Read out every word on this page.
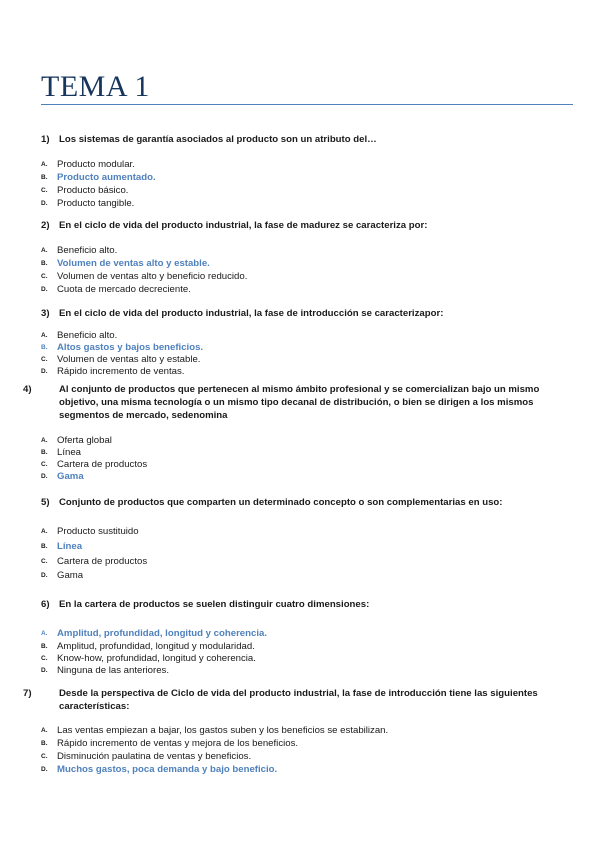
TEMA 1
1) Los sistemas de garantía asociados al producto son un atributo del…
A. Producto modular.
B. Producto aumentado.
C. Producto básico.
D. Producto tangible.
2) En el ciclo de vida del producto industrial, la fase de madurez se caracteriza por:
A. Beneficio alto.
B. Volumen de ventas alto y estable.
C. Volumen de ventas alto y beneficio reducido.
D. Cuota de mercado decreciente.
3) En el ciclo de vida del producto industrial, la fase de introducción se caracterizapor:
A. Beneficio alto.
B. Altos gastos y bajos beneficios.
C. Volumen de ventas alto y estable.
D. Rápido incremento de ventas.
4)	Al conjunto de productos que pertenecen al mismo ámbito profesional y se comercializan bajo un mismo objetivo, una misma tecnología o un mismo tipo decanal de distribución, o bien se dirigen a los mismos segmentos de mercado, sedenomina
A. Oferta global
B. Línea
C. Cartera de productos
D. Gama
5) Conjunto de productos que comparten un determinado concepto o son complementarias en uso:
A. Producto sustituido
B. Línea
C. Cartera de productos
D. Gama
6) En la cartera de productos se suelen distinguir cuatro dimensiones:
A. Amplitud, profundidad, longitud y coherencia.
B. Amplitud, profundidad, longitud y modularidad.
C. Know-how, profundidad, longitud y coherencia.
D. Ninguna de las anteriores.
7)	Desde la perspectiva de Ciclo de vida del producto industrial, la fase de introducción tiene las siguientes características:
A. Las ventas empiezan a bajar, los gastos suben y los beneficios se estabilizan.
B. Rápido incremento de ventas y mejora de los beneficios.
C. Disminución paulatina de ventas y beneficios.
D. Muchos gastos, poca demanda y bajo beneficio.
